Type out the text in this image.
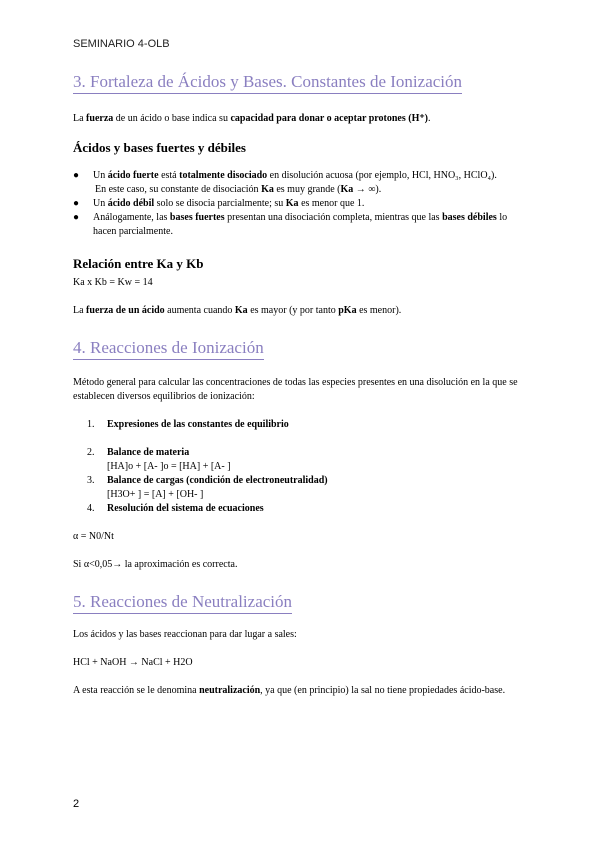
SEMINARIO 4-OLB
3. Fortaleza de Ácidos y Bases. Constantes de Ionización

La fuerza de un ácido o base indica su capacidad para donar o aceptar protones (H⁺).

Ácidos y bases fuertes y débiles
● Un ácido fuerte está totalmente disociado en disolución acuosa (por ejemplo, HCl, HNO₃, HClO₄).
En este caso, su constante de disociación Ka es muy grande (Ka → ∞).
● Un ácido débil solo se disocia parcialmente; su Ka es menor que 1.
● Análogamente, las bases fuertes presentan una disociación completa, mientras que las bases débiles lo hacen parcialmente.
Relación entre Ka y Kb

Ka x Kb = Kw = 14

La fuerza de un ácido aumenta cuando Ka es mayor (y por tanto pKa es menor).

4. Reacciones de Ionización

Método general para calcular las concentraciones de todas las especies presentes en una disolución en la que se establecen diversos equilibrios de ionización:

1. Expresiones de las constantes de equilibrio
2. Balance de materia
[HA]o + [A- ]o = [HA] + [A- ]
3. Balance de cargas (condición de electroneutralidad)
[H3O+ ] = [A] + [OH- ]
4. Resolución del sistema de ecuaciones

α = N0/Nt

Si α<0,05→ la aproximación es correcta.

5. Reacciones de Neutralización

Los ácidos y las bases reaccionan para dar lugar a sales:

HCl + NaOH → NaCl + H2O

A esta reacción se le denomina neutralización, ya que (en principio) la sal no tiene propiedades ácido-base.

2
